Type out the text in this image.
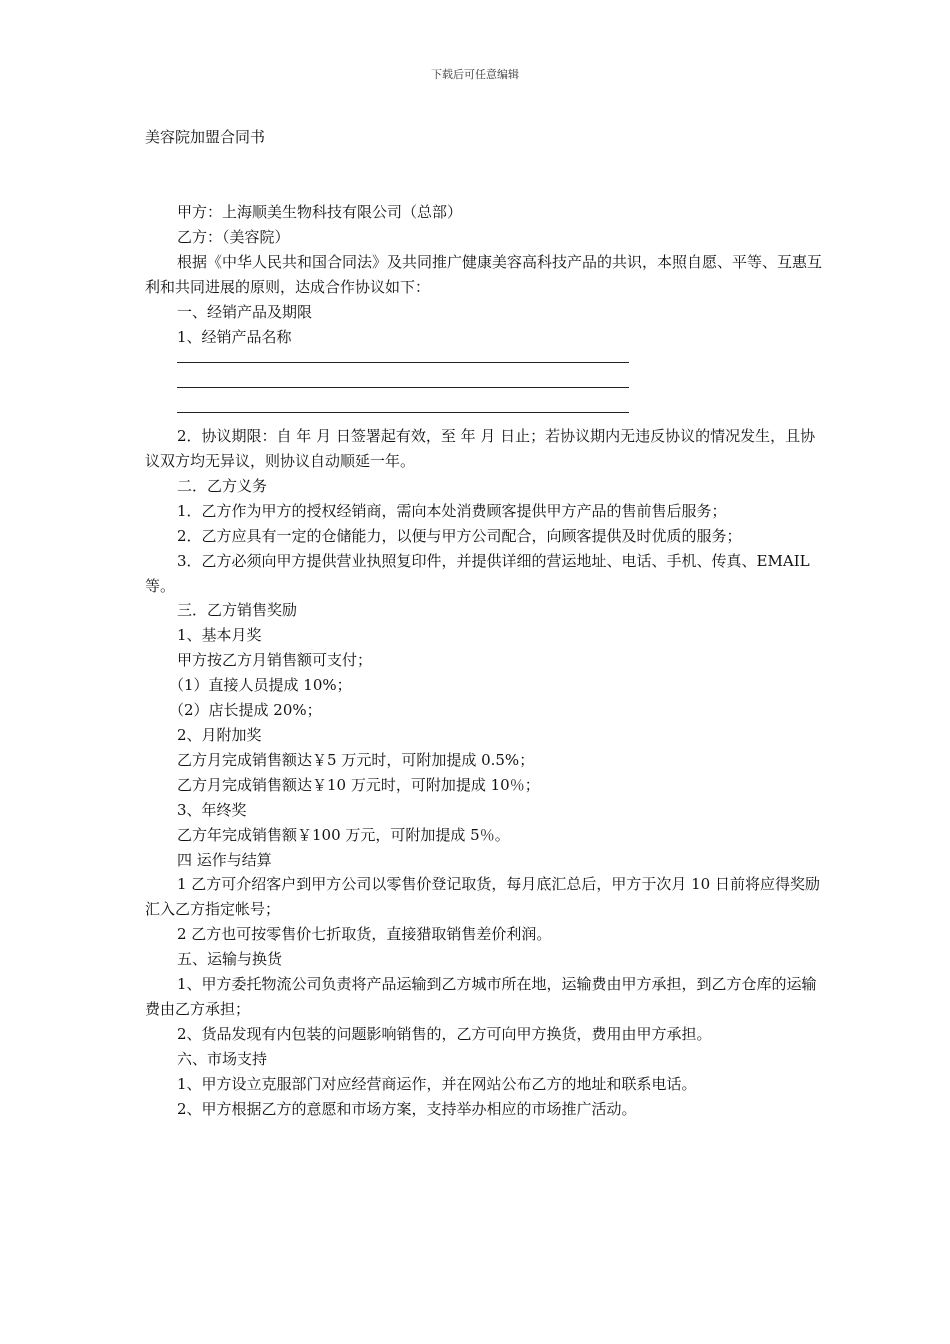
下载后可任意编辑
美容院加盟合同书

甲方：上海顺美生物科技有限公司（总部）

乙方：（美容院）

根据《中华人民共和国合同法》及共同推广健康美容高科技产品的共识，本照自愿、平等、互惠互利和共同进展的原则，达成合作协议如下：

一、经销产品及期限

1、经销产品名称

2．协议期限：自 年 月 日签署起有效，至 年 月 日止；若协议期内无违反协议的情况发生，且协议双方均无异议，则协议自动顺延一年。

二．乙方义务

1．乙方作为甲方的授权经销商，需向本处消费顾客提供甲方产品的售前售后服务；

2．乙方应具有一定的仓储能力，以便与甲方公司配合，向顾客提供及时优质的服务；

3．乙方必须向甲方提供营业执照复印件，并提供详细的营运地址、电话、手机、传真、EMAIL 等。

三．乙方销售奖励

1、基本月奖

甲方按乙方月销售额可支付；

（1）直接人员提成 10%；

（2）店长提成 20%；

2、月附加奖

乙方月完成销售额达￥5 万元时，可附加提成 0.5%；

乙方月完成销售额达￥10 万元时，可附加提成 10％；

3、年终奖

乙方年完成销售额￥100 万元，可附加提成 5％。

四 运作与结算

1 乙方可介绍客户到甲方公司以零售价登记取货，每月底汇总后，甲方于次月 10 日前将应得奖励汇入乙方指定帐号；

2 乙方也可按零售价七折取货，直接猎取销售差价利润。

五、运输与换货

1、甲方委托物流公司负责将产品运输到乙方城市所在地，运输费由甲方承担，到乙方仓库的运输费由乙方承担；

2、货品发现有内包装的问题影响销售的，乙方可向甲方换货，费用由甲方承担。

六、市场支持

1、甲方设立克服部门对应经营商运作，并在网站公布乙方的地址和联系电话。

2、甲方根据乙方的意愿和市场方案，支持举办相应的市场推广活动。
